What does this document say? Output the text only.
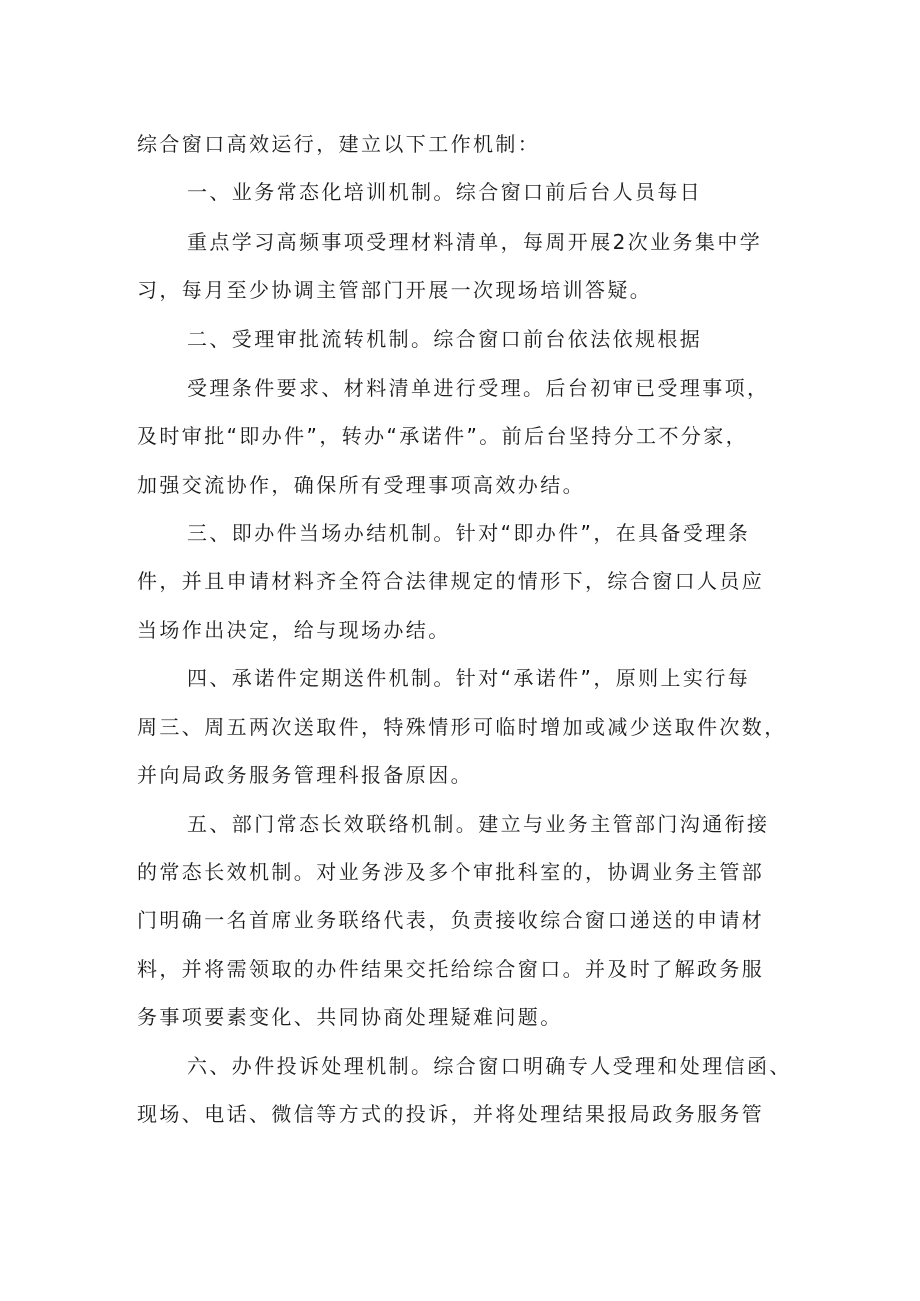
综合窗口高效运行，建立以下工作机制：
一、业务常态化培训机制。综合窗口前后台人员每日
重点学习高频事项受理材料清单，每周开展2次业务集中学
习，每月至少协调主管部门开展一次现场培训答疑。
二、受理审批流转机制。综合窗口前台依法依规根据
受理条件要求、材料清单进行受理。后台初审已受理事项，
及时审批“即办件”，转办“承诺件”。前后台坚持分工不分家，
加强交流协作，确保所有受理事项高效办结。
三、即办件当场办结机制。针对“即办件”，在具备受理条
件，并且申请材料齐全符合法律规定的情形下，综合窗口人员应
当场作出决定，给与现场办结。
四、承诺件定期送件机制。针对“承诺件”，原则上实行每
周三、周五两次送取件，特殊情形可临时增加或减少送取件次数，
并向局政务服务管理科报备原因。
五、部门常态长效联络机制。建立与业务主管部门沟通衔接
的常态长效机制。对业务涉及多个审批科室的，协调业务主管部
门明确一名首席业务联络代表，负责接收综合窗口递送的申请材
料，并将需领取的办件结果交托给综合窗口。并及时了解政务服
务事项要素变化、共同协商处理疑难问题。
六、办件投诉处理机制。综合窗口明确专人受理和处理信函、
现场、电话、微信等方式的投诉，并将处理结果报局政务服务管
